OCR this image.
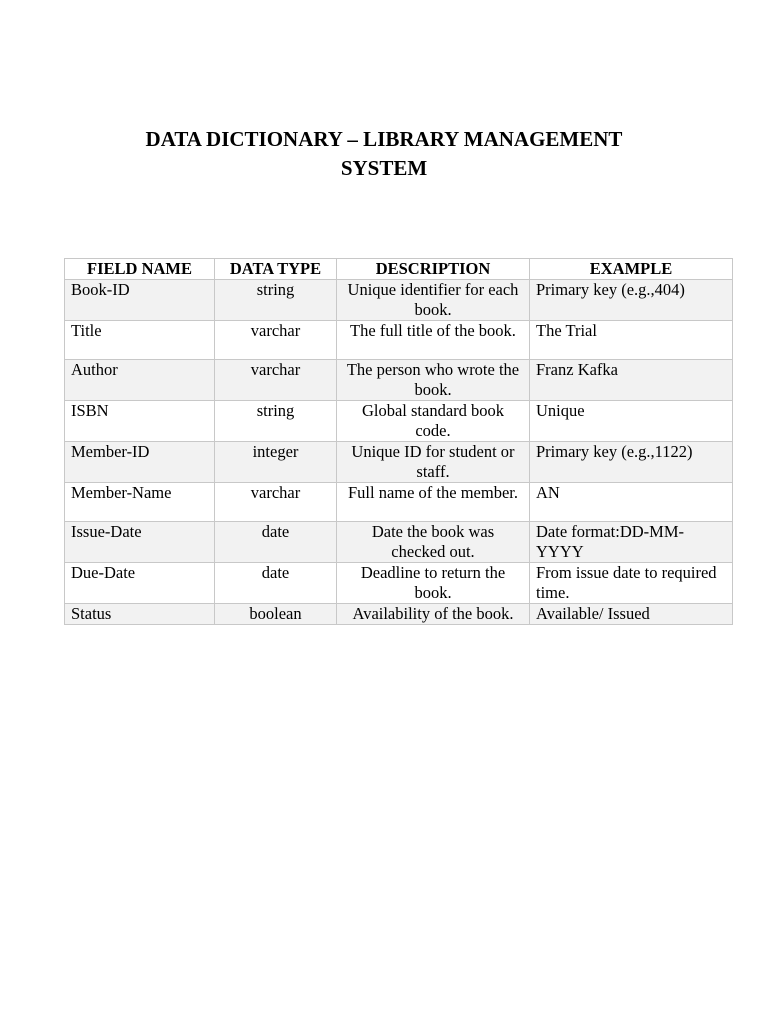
DATA DICTIONARY – LIBRARY MANAGEMENT SYSTEM
FIELD NAME	DATA TYPE	DESCRIPTION	EXAMPLE
Book-ID	string	Unique identifier for each book.	Primary key (e.g.,404)
Title	varchar	The full title of the book.	The Trial
Author	varchar	The person who wrote the book.	Franz Kafka
ISBN	string	Global standard book code.	Unique
Member-ID	integer	Unique ID for student or staff.	Primary key (e.g.,1122)
Member-Name	varchar	Full name of the member.	AN
Issue-Date	date	Date the book was checked out.	Date format:DD-MM-YYYY
Due-Date	date	Deadline to return the book.	From issue date to required time.
Status	boolean	Availability of the book.	Available/ Issued
